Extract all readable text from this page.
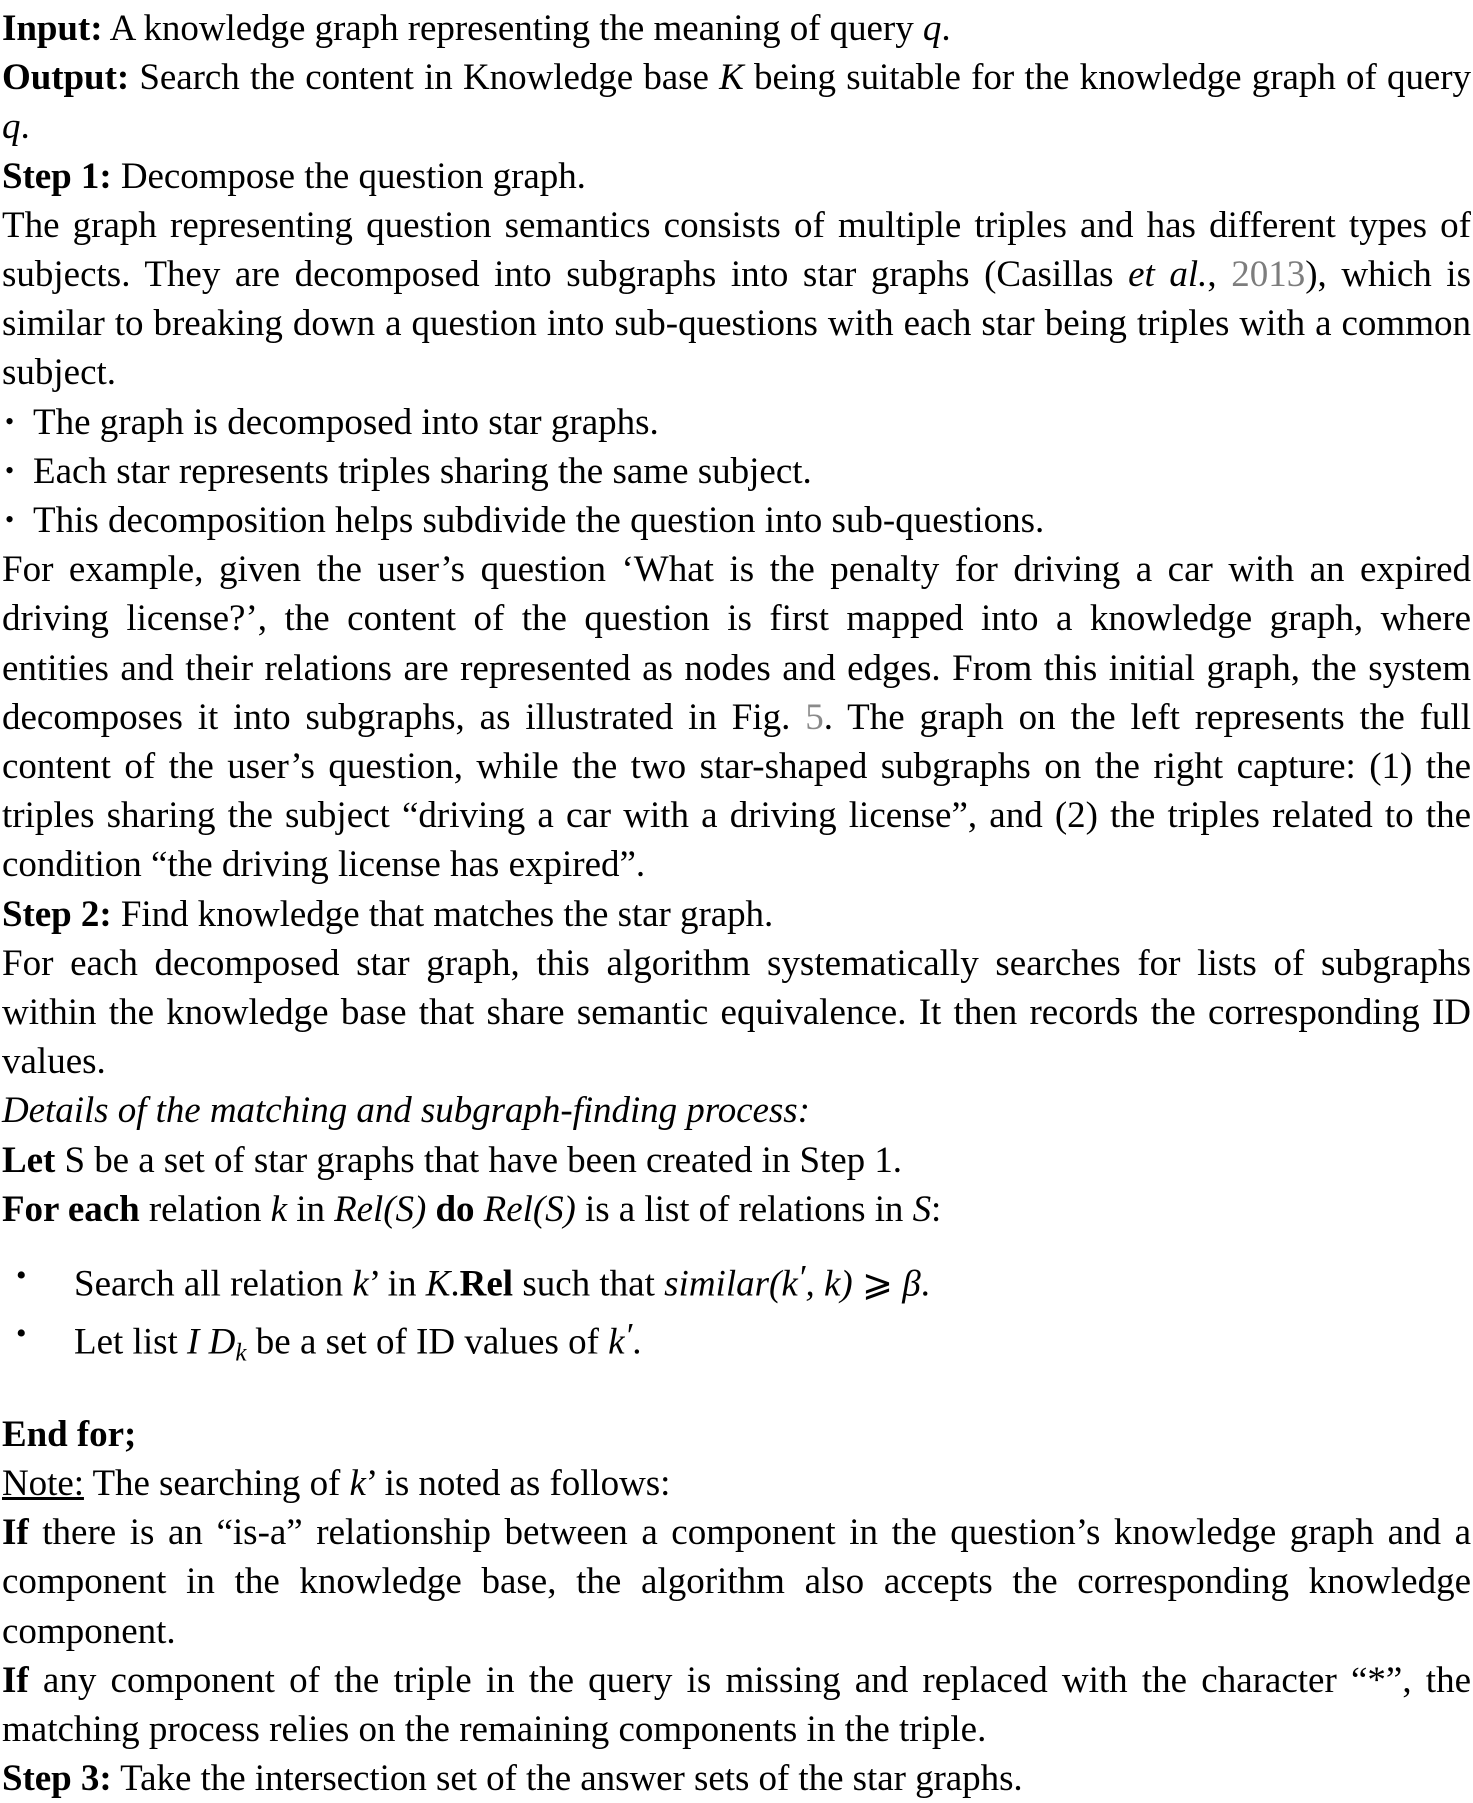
Input: A knowledge graph representing the meaning of query q.

Output: Search the content in Knowledge base K being suitable for the knowledge graph of query q.

Step 1: Decompose the question graph.

The graph representing question semantics consists of multiple triples and has different types of subjects. They are decomposed into subgraphs into star graphs (Casillas et al., 2013), which is similar to breaking down a question into sub-questions with each star being triples with a common subject.

• The graph is decomposed into star graphs.
• Each star represents triples sharing the same subject.
• This decomposition helps subdivide the question into sub-questions.

For example, given the user’s question ‘What is the penalty for driving a car with an expired driving license?’, the content of the question is first mapped into a knowledge graph, where entities and their relations are represented as nodes and edges. From this initial graph, the system decomposes it into subgraphs, as illustrated in Fig. 5. The graph on the left represents the full content of the user’s question, while the two star-shaped subgraphs on the right capture: (1) the triples sharing the subject “driving a car with a driving license”, and (2) the triples related to the condition “the driving license has expired”.

Step 2: Find knowledge that matches the star graph.

For each decomposed star graph, this algorithm systematically searches for lists of subgraphs within the knowledge base that share semantic equivalence. It then records the corresponding ID values.

Details of the matching and subgraph-finding process:

Let S be a set of star graphs that have been created in Step 1.

For each relation k in Rel(S) do Rel(S) is a list of relations in S:

• Search all relation k’ in K.Rel such that similar(k′, k) ⩾ β.
• Let list I $D_k$ be a set of ID values of k′.

End for;

Note: The searching of k’ is noted as follows:

If there is an “is-a” relationship between a component in the question’s knowledge graph and a component in the knowledge base, the algorithm also accepts the corresponding knowledge component.

If any component of the triple in the query is missing and replaced with the character “*”, the matching process relies on the remaining components in the triple.

Step 3: Take the intersection set of the answer sets of the star graphs.
